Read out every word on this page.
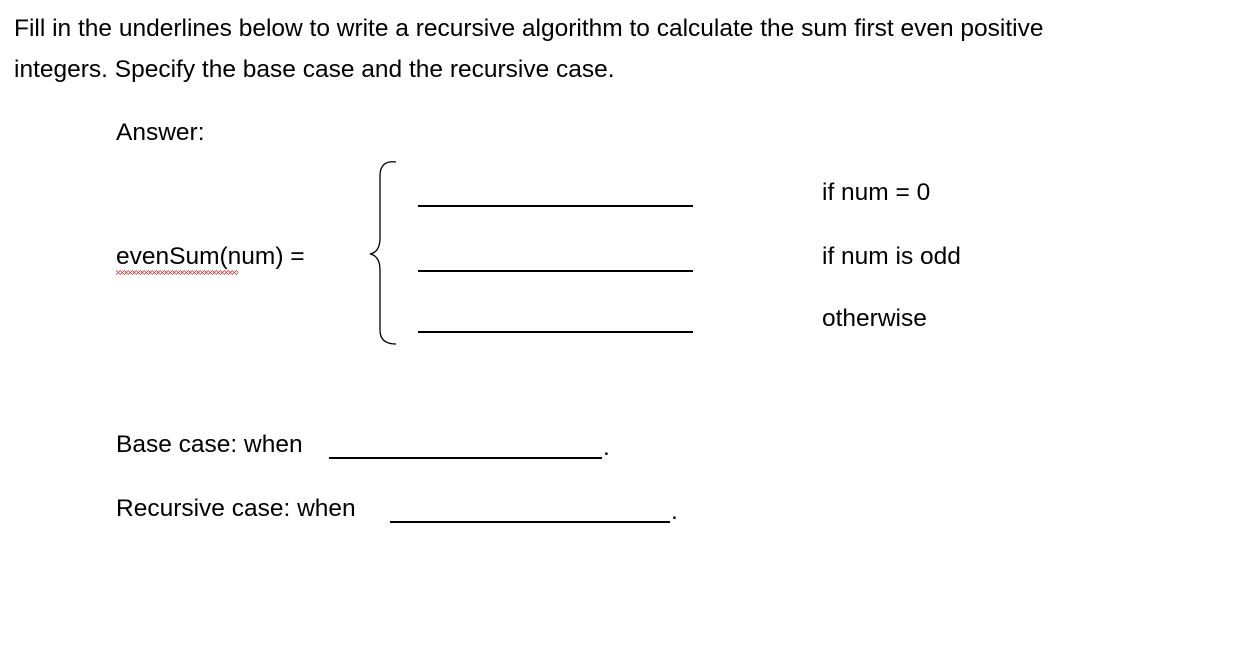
Fill in the underlines below to write a recursive algorithm to calculate the sum first even positive
integers. Specify the base case and the recursive case.
Answer:
evenSum(num) =
if num = 0
if num is odd
otherwise
Base case: when	.
Recursive case: when	.
